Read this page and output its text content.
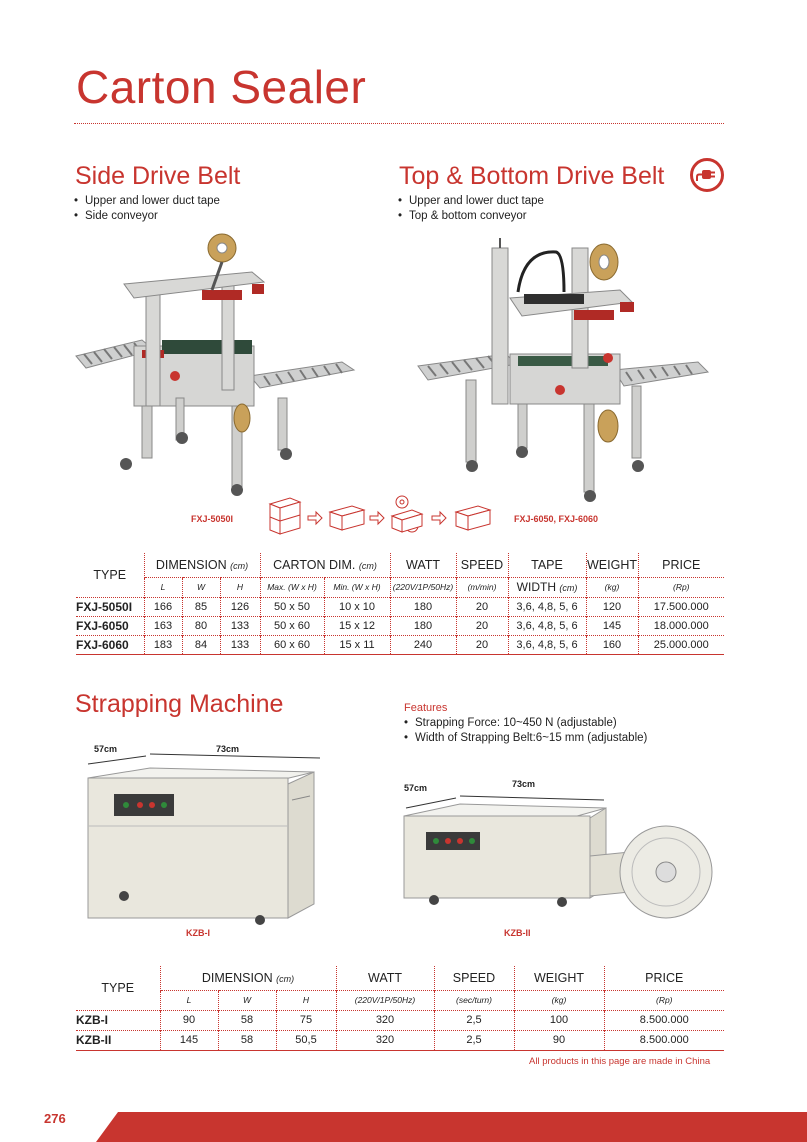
Carton Sealer
Side Drive Belt
• Upper and lower duct tape
• Side conveyor
Top & Bottom Drive Belt
• Upper and lower duct tape
• Top & bottom conveyor
FXJ-5050I	FXJ-6050, FXJ-6060
TYPE	DIMENSION (cm)			CARTON DIM. (cm)		WATT	SPEED	TAPE	WEIGHT	PRICE
	L	W	H	Max. (W x H)	Min. (W x H)	(220V/1P/50Hz)	(m/min)	WIDTH (cm)	(kg)	(Rp)
FXJ-5050I	166	85	126	50 x 50	10 x 10	180	20	3,6, 4,8, 5, 6	120	17.500.000
FXJ-6050	163	80	133	50 x 60	15 x 12	180	20	3,6, 4,8, 5, 6	145	18.000.000
FXJ-6060	183	84	133	60 x 60	15 x 11	240	20	3,6, 4,8, 5, 6	160	25.000.000
Strapping Machine	Features
• Strapping Force: 10~450 N (adjustable)
• Width of Strapping Belt:6~15 mm (adjustable)
57cm	73cm
KZB-I
57cm	73cm
KZB-II
TYPE	DIMENSION (cm)			WATT	SPEED	WEIGHT	PRICE
	L	W	H	(220V/1P/50Hz)	(sec/turn)	(kg)	(Rp)
KZB-I	90	58	75	320	2,5	100	8.500.000
KZB-II	145	58	50,5	320	2,5	90	8.500.000
All products in this page are made in China
276
